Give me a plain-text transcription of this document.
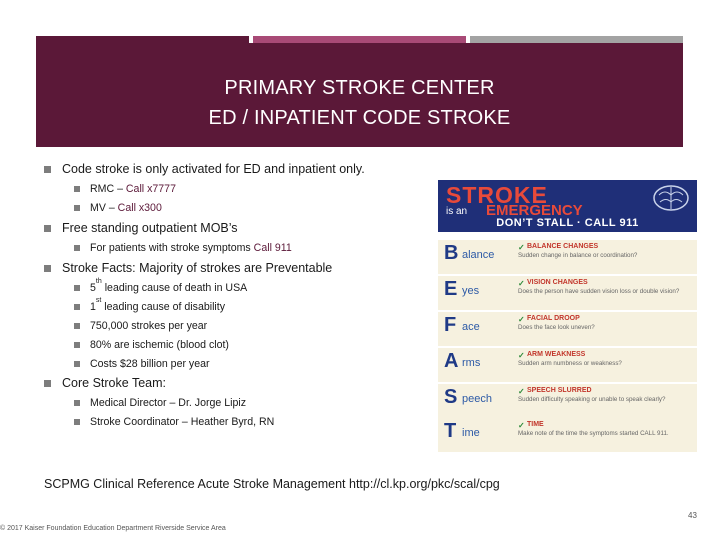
PRIMARY STROKE CENTER
ED / INPATIENT CODE STROKE
Code stroke is only activated for ED and inpatient only.
RMC – Call x7777
MV – Call x300
Free standing outpatient MOB’s
For patients with stroke symptoms Call 911
Stroke Facts: Majority of strokes are Preventable
5th leading cause of death in USA
1st leading cause of disability
750,000 strokes per year
80% are ischemic (blood clot)
Costs $28 billion per year
Core Stroke Team:
Medical Director – Dr. Jorge Lipiz
Stroke Coordinator – Heather Byrd, RN
STROKE
is an EMERGENCY
DON’T STALL · CALL 911
B alance
✓ BALANCE CHANGES
Sudden change in balance or coordination?
E yes
✓ VISION CHANGES
Does the person have sudden vision loss or double vision?
F ace
✓ FACIAL DROOP
Does the face look uneven?
A rms
✓ ARM WEAKNESS
Sudden arm numbness or weakness?
S peech
✓ SPEECH SLURRED
Sudden difficulty speaking or unable to speak clearly?
T ime
✓ TIME
Make note of the time the symptoms started CALL 911.
SCPMG Clinical Reference Acute Stroke Management http://cl.kp.org/pkc/scal/cpg
© 2017 Kaiser Foundation Education Department Riverside Service Area
43
